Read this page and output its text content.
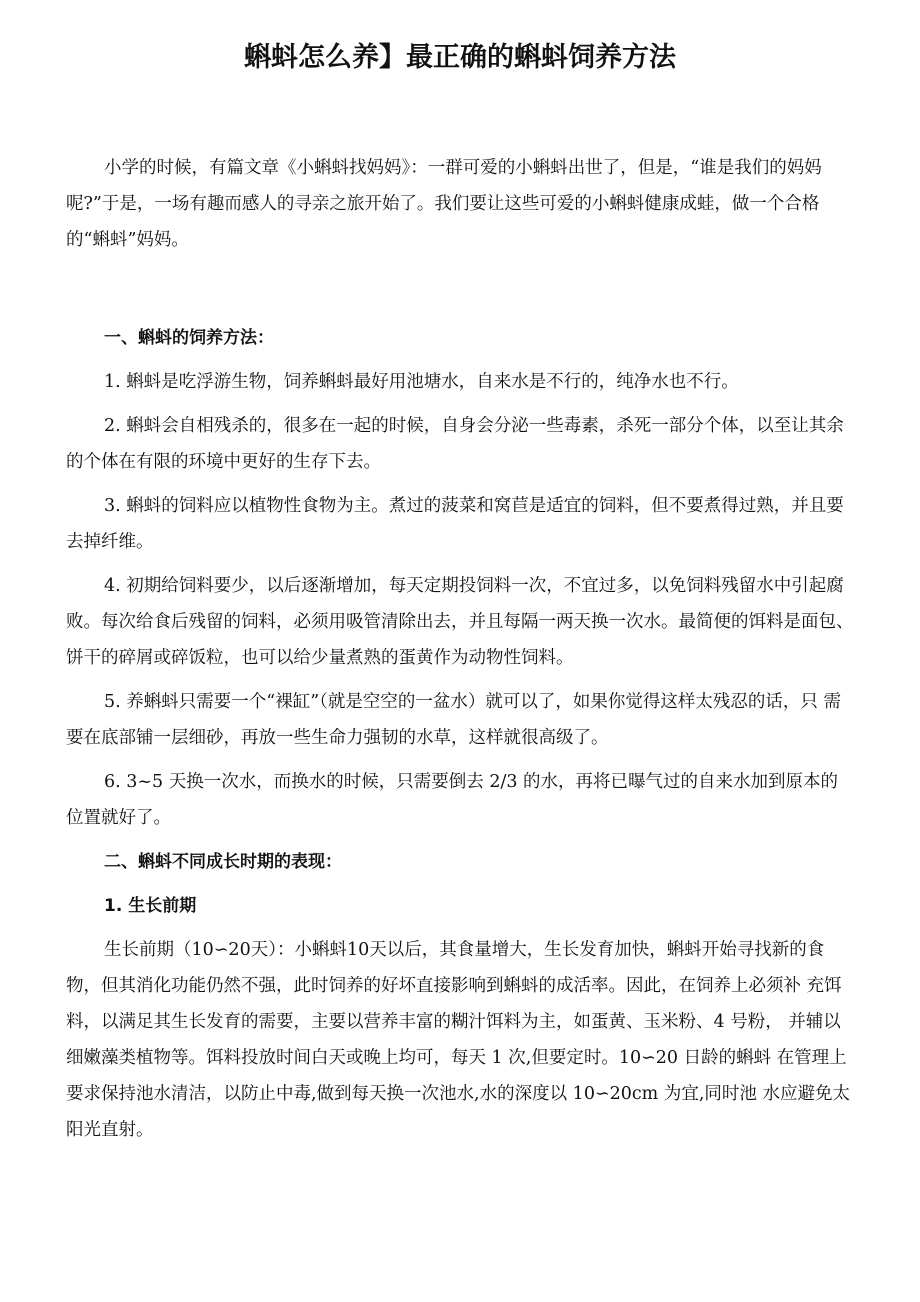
蝌蚪怎么养】最正确的蝌蚪饲养方法

小学的时候，有篇文章《小蝌蚪找妈妈》：一群可爱的小蝌蚪出世了，但是，“谁是我们的妈妈呢?”于是，一场有趣而感人的寻亲之旅开始了。我们要让这些可爱的小蝌蚪健康成蛙，做一个合格的“蝌蚪”妈妈。

一、蝌蚪的饲养方法：

1. 蝌蚪是吃浮游生物，饲养蝌蚪最好用池塘水，自来水是不行的，纯净水也不行。

2. 蝌蚪会自相残杀的，很多在一起的时候，自身会分泌一些毒素，杀死一部分个体，以至让其余的个体在有限的环境中更好的生存下去。

3. 蝌蚪的饲料应以植物性食物为主。煮过的菠菜和窝苣是适宜的饲料，但不要煮得过熟，并且要去掉纤维。

4. 初期给饲料要少，以后逐渐增加，每天定期投饲料一次，不宜过多，以免饲料残留水中引起腐败。每次给食后残留的饲料，必须用吸管清除出去，并且每隔一两天换一次水。最简便的饵料是面包、饼干的碎屑或碎饭粒，也可以给少量煮熟的蛋黄作为动物性饲料。

5. 养蝌蚪只需要一个“裸缸”（就是空空的一盆水）就可以了，如果你觉得这样太残忍的话，只 需要在底部铺一层细砂，再放一些生命力强韧的水草，这样就很高级了。

6. 3~5 天换一次水，而换水的时候，只需要倒去 2/3 的水，再将已曝气过的自来水加到原本的位置就好了。

二、蝌蚪不同成长时期的表现：

1. 生长前期

生长前期（10∽20天）：小蝌蚪10天以后，其食量增大，生长发育加快，蝌蚪开始寻找新的食 物，但其消化功能仍然不强，此时饲养的好坏直接影响到蝌蚪的成活率。因此，在饲养上必须补 充饵料，以满足其生长发育的需要，主要以营养丰富的糊汁饵料为主，如蛋黄、玉米粉、4 号粉， 并辅以细嫩藻类植物等。饵料投放时间白天或晚上均可，每天 1 次,但要定时。10∽20 日龄的蝌蚪 在管理上要求保持池水清洁，以防止中毒,做到每天换一次池水,水的深度以 10∽20cm 为宜,同时池 水应避免太阳光直射。
